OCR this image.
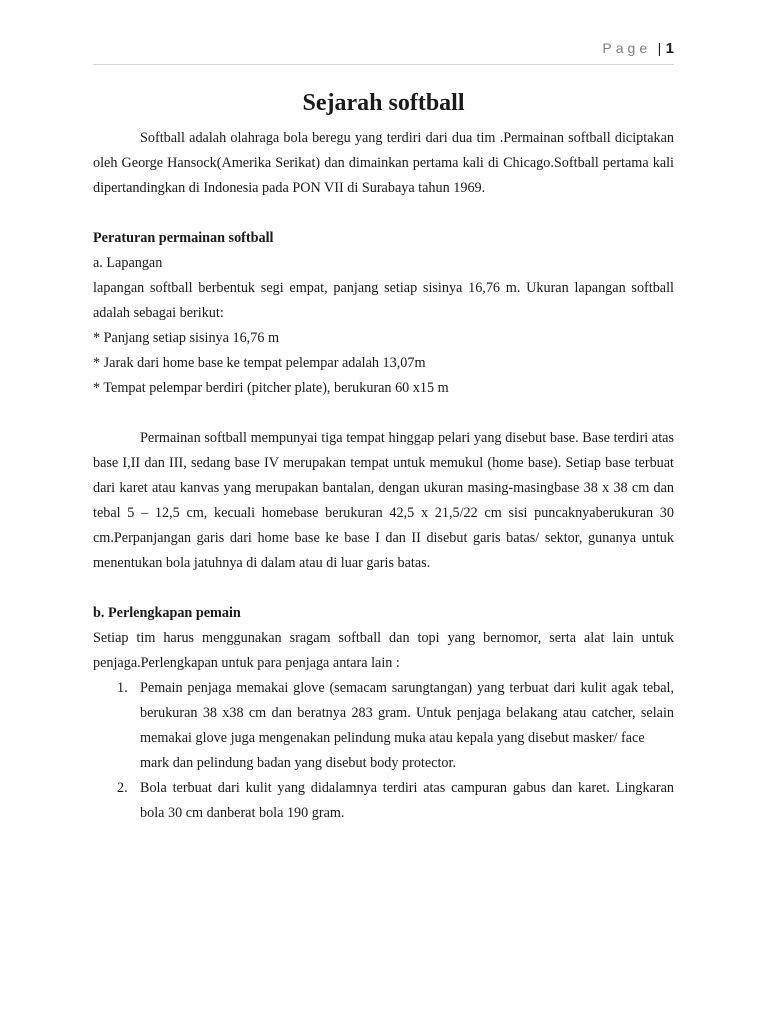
Page | 1
Sejarah softball

Softball adalah olahraga bola beregu yang terdiri dari dua tim .Permainan softball diciptakan oleh George Hansock(Amerika Serikat) dan dimainkan pertama kali di Chicago.Softball pertama kali dipertandingkan di Indonesia pada PON VII di Surabaya tahun 1969.

Peraturan permainan softball

a. Lapangan

lapangan softball berbentuk segi empat, panjang setiap sisinya 16,76 m. Ukuran lapangan softball adalah sebagai berikut:

* Panjang setiap sisinya 16,76 m

* Jarak dari home base ke tempat pelempar adalah 13,07m

* Tempat pelempar berdiri (pitcher plate), berukuran 60 x15 m

Permainan softball mempunyai tiga tempat hinggap pelari yang disebut base. Base terdiri atas base I,II dan III, sedang base IV merupakan tempat untuk memukul (home base). Setiap base terbuat dari karet atau kanvas yang merupakan bantalan, dengan ukuran masing-masingbase 38 x 38 cm dan tebal 5 – 12,5 cm, kecuali homebase berukuran 42,5 x 21,5/22 cm sisi puncaknyaberukuran 30 cm.Perpanjangan garis dari home base ke base I dan II disebut garis batas/ sektor, gunanya untuk menentukan bola jatuhnya di dalam atau di luar garis batas.

b. Perlengkapan pemain

Setiap tim harus menggunakan sragam softball dan topi yang bernomor, serta alat lain untuk penjaga.Perlengkapan untuk para penjaga antara lain :

1. Pemain penjaga memakai glove (semacam sarungtangan) yang terbuat dari kulit agak tebal, berukuran 38 x38 cm dan beratnya 283 gram. Untuk penjaga belakang atau catcher, selain memakai glove juga mengenakan pelindung muka atau kepala yang disebut masker/ face
mark dan pelindung badan yang disebut body protector.
2. Bola terbuat dari kulit yang didalamnya terdiri atas campuran gabus dan karet. Lingkaran bola 30 cm danberat bola 190 gram.
